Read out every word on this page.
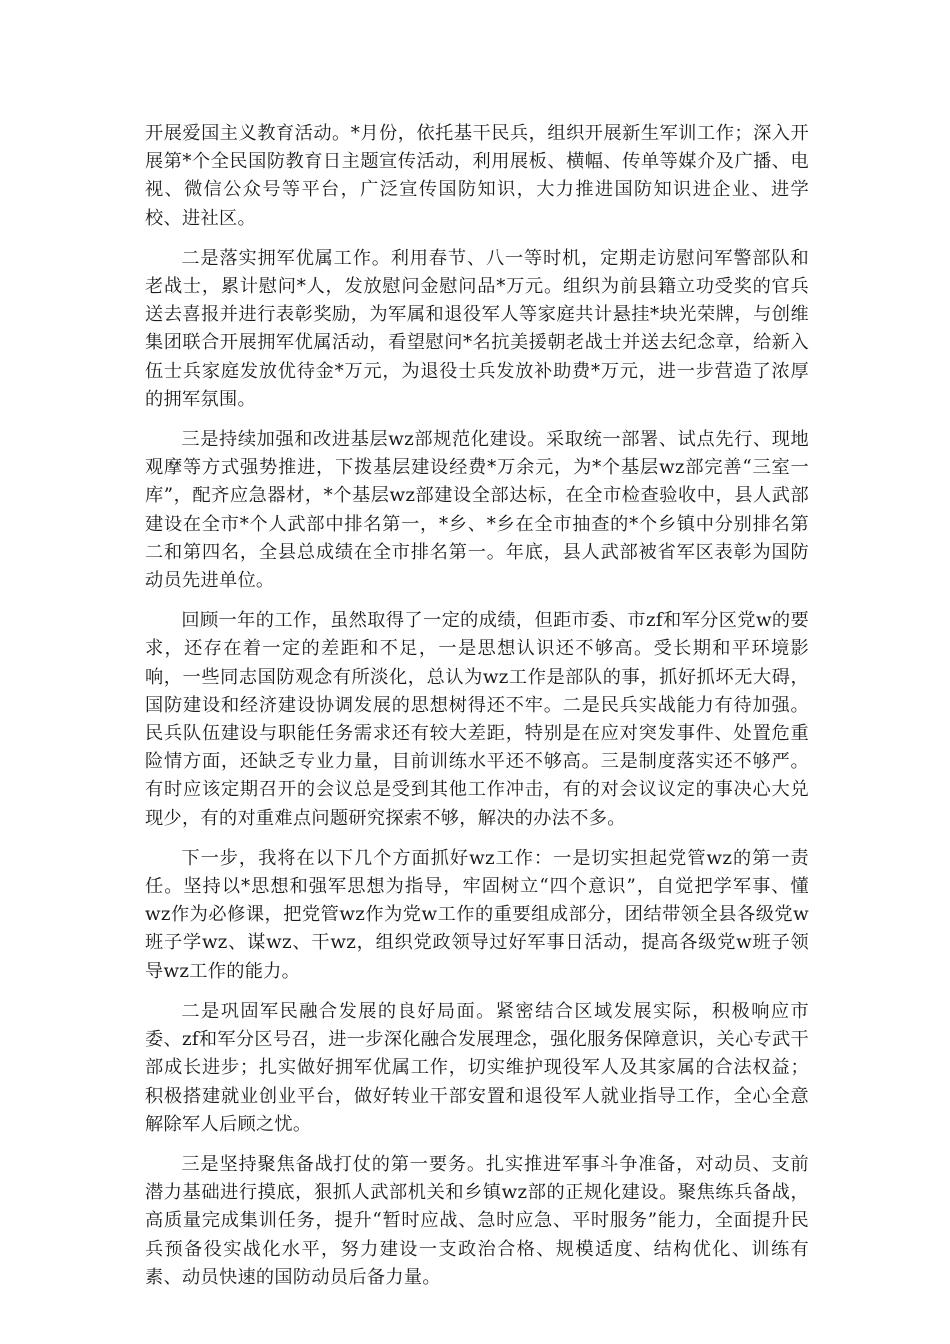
开展爱国主义教育活动。*月份，依托基干民兵，组织开展新生军训工作；深入开展第*个全民国防教育日主题宣传活动，利用展板、横幅、传单等媒介及广播、电视、微信公众号等平台，广泛宣传国防知识，大力推进国防知识进企业、进学校、进社区。

二是落实拥军优属工作。利用春节、八一等时机，定期走访慰问军警部队和老战士，累计慰问*人，发放慰问金慰问品*万元。组织为前县籍立功受奖的官兵送去喜报并进行表彰奖励，为军属和退役军人等家庭共计悬挂*块光荣牌，与创维集团联合开展拥军优属活动，看望慰问*名抗美援朝老战士并送去纪念章，给新入伍士兵家庭发放优待金*万元，为退役士兵发放补助费*万元，进一步营造了浓厚的拥军氛围。

三是持续加强和改进基层wz部规范化建设。采取统一部署、试点先行、现地观摩等方式强势推进，下拨基层建设经费*万余元，为*个基层wz部完善“三室一库”，配齐应急器材，*个基层wz部建设全部达标，在全市检查验收中，县人武部建设在全市*个人武部中排名第一，*乡、*乡在全市抽查的*个乡镇中分别排名第二和第四名，全县总成绩在全市排名第一。年底，县人武部被省军区表彰为国防动员先进单位。

回顾一年的工作，虽然取得了一定的成绩，但距市委、市zf和军分区党w的要求，还存在着一定的差距和不足，一是思想认识还不够高。受长期和平环境影响，一些同志国防观念有所淡化，总认为wz工作是部队的事，抓好抓坏无大碍，国防建设和经济建设协调发展的思想树得还不牢。二是民兵实战能力有待加强。民兵队伍建设与职能任务需求还有较大差距，特别是在应对突发事件、处置危重险情方面，还缺乏专业力量，目前训练水平还不够高。三是制度落实还不够严。有时应该定期召开的会议总是受到其他工作冲击，有的对会议议定的事决心大兑现少，有的对重难点问题研究探索不够，解决的办法不多。

下一步，我将在以下几个方面抓好wz工作：一是切实担起党管wz的第一责任。坚持以*思想和强军思想为指导，牢固树立“四个意识”，自觉把学军事、懂wz作为必修课，把党管wz作为党w工作的重要组成部分，团结带领全县各级党w班子学wz、谋wz、干wz，组织党政领导过好军事日活动，提高各级党w班子领导wz工作的能力。

二是巩固军民融合发展的良好局面。紧密结合区域发展实际，积极响应市委、zf和军分区号召，进一步深化融合发展理念，强化服务保障意识，关心专武干部成长进步；扎实做好拥军优属工作，切实维护现役军人及其家属的合法权益；积极搭建就业创业平台，做好转业干部安置和退役军人就业指导工作，全心全意解除军人后顾之忧。

三是坚持聚焦备战打仗的第一要务。扎实推进军事斗争准备，对动员、支前潜力基础进行摸底，狠抓人武部机关和乡镇wz部的正规化建设。聚焦练兵备战，高质量完成集训任务，提升“暂时应战、急时应急、平时服务”能力，全面提升民兵预备役实战化水平，努力建设一支政治合格、规模适度、结构优化、训练有素、动员快速的国防动员后备力量。
